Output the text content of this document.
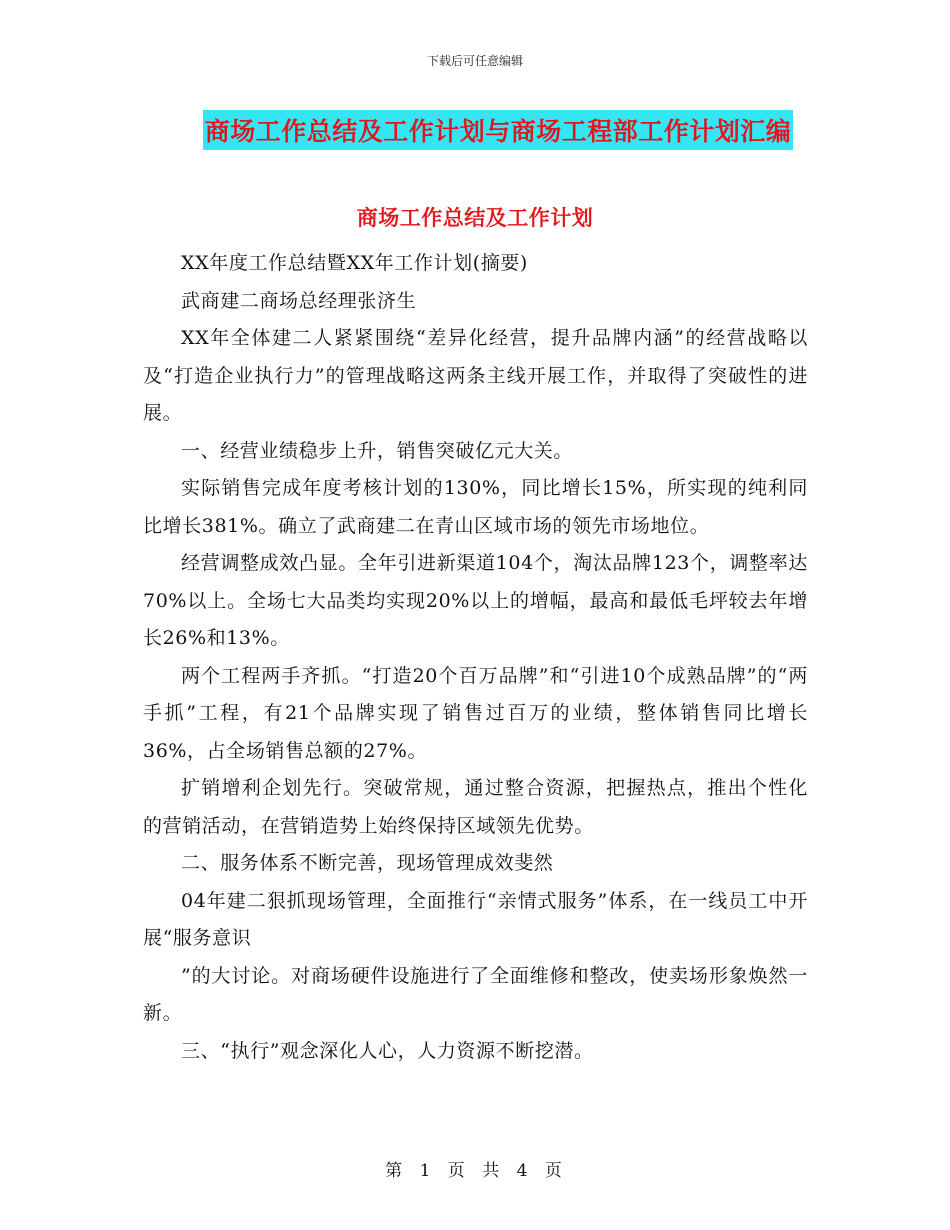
下载后可任意编辑
商场工作总结及工作计划与商场工程部工作计划汇编
商场工作总结及工作计划

XX年度工作总结暨XX年工作计划(摘要)

武商建二商场总经理张济生

XX年全体建二人紧紧围绕“差异化经营，提升品牌内涵”的经营战略以及“打造企业执行力”的管理战略这两条主线开展工作，并取得了突破性的进展。

一、经营业绩稳步上升，销售突破亿元大关。

实际销售完成年度考核计划的130%，同比增长15%，所实现的纯利同比增长381%。确立了武商建二在青山区域市场的领先市场地位。

经营调整成效凸显。全年引进新渠道104个，淘汰品牌123个，调整率达70%以上。全场七大品类均实现20%以上的增幅，最高和最低毛坪较去年增长26%和13%。

两个工程两手齐抓。“打造20个百万品牌”和“引进10个成熟品牌”的“两手抓”工程，有21个品牌实现了销售过百万的业绩，整体销售同比增长36%，占全场销售总额的27%。

扩销增利企划先行。突破常规，通过整合资源，把握热点，推出个性化的营销活动，在营销造势上始终保持区域领先优势。

二、服务体系不断完善，现场管理成效斐然

04年建二狠抓现场管理，全面推行“亲情式服务”体系，在一线员工中开展“服务意识

”的大讨论。对商场硬件设施进行了全面维修和整改，使卖场形象焕然一新。

三、“执行”观念深化人心，人力资源不断挖潜。

第 1 页 共 4 页
